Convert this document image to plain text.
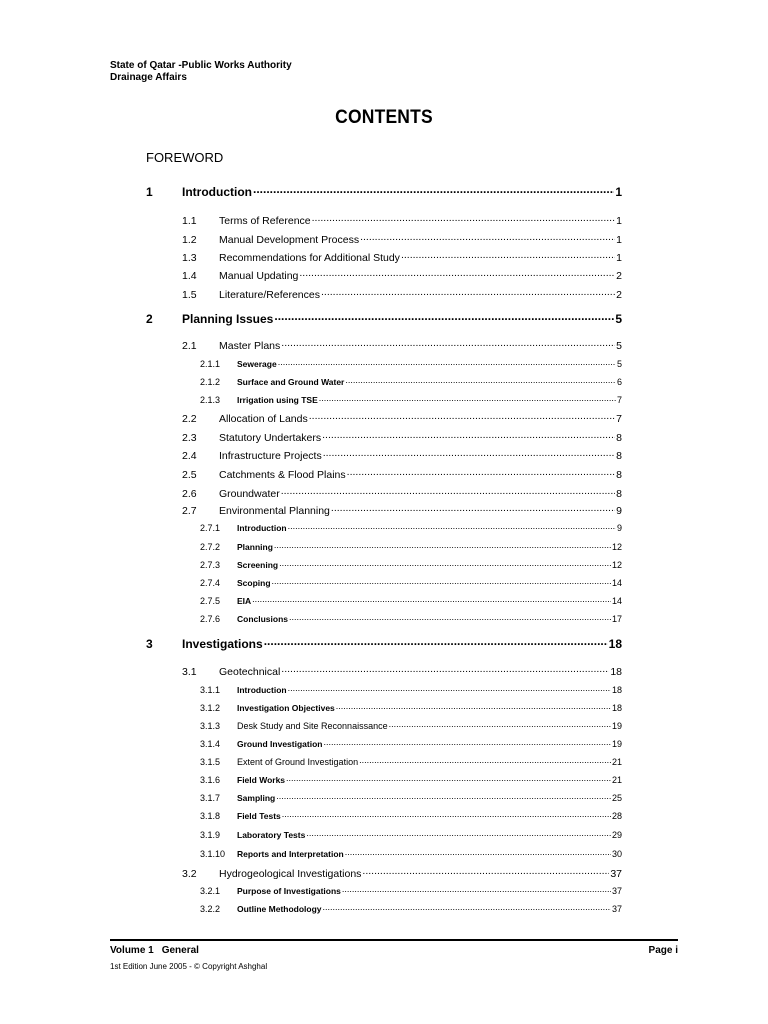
State of Qatar -Public Works Authority
Drainage Affairs
CONTENTS
FOREWORD
1	Introduction .....	1
1.1	Terms of Reference .....	1
1.2	Manual Development Process .....	1
1.3	Recommendations for Additional Study .....	1
1.4	Manual Updating .....	2
1.5	Literature/References .....	2
2	Planning Issues .....	5
2.1	Master Plans .....	5
2.1.1	Sewerage .....	5
2.1.2	Surface and Ground Water .....	6
2.1.3	Irrigation using TSE .....	7
2.2	Allocation of Lands .....	7
2.3	Statutory Undertakers .....	8
2.4	Infrastructure Projects .....	8
2.5	Catchments & Flood Plains .....	8
2.6	Groundwater .....	8
2.7	Environmental Planning .....	9
2.7.1	Introduction .....	9
2.7.2	Planning .....	12
2.7.3	Screening .....	12
2.7.4	Scoping .....	14
2.7.5	EIA .....	14
2.7.6	Conclusions .....	17
3	Investigations .....	18
3.1	Geotechnical .....	18
3.1.1	Introduction .....	18
3.1.2	Investigation Objectives .....	18
3.1.3	Desk Study and Site Reconnaissance .....	19
3.1.4	Ground Investigation .....	19
3.1.5	Extent of Ground Investigation .....	21
3.1.6	Field Works .....	21
3.1.7	Sampling .....	25
3.1.8	Field Tests .....	28
3.1.9	Laboratory Tests .....	29
3.1.10	Reports and Interpretation .....	30
3.2	Hydrogeological Investigations .....	37
3.2.1	Purpose of Investigations .....	37
3.2.2	Outline Methodology .....	37
Volume 1 General	Page i
1st Edition June 2005 - © Copyright Ashghal
